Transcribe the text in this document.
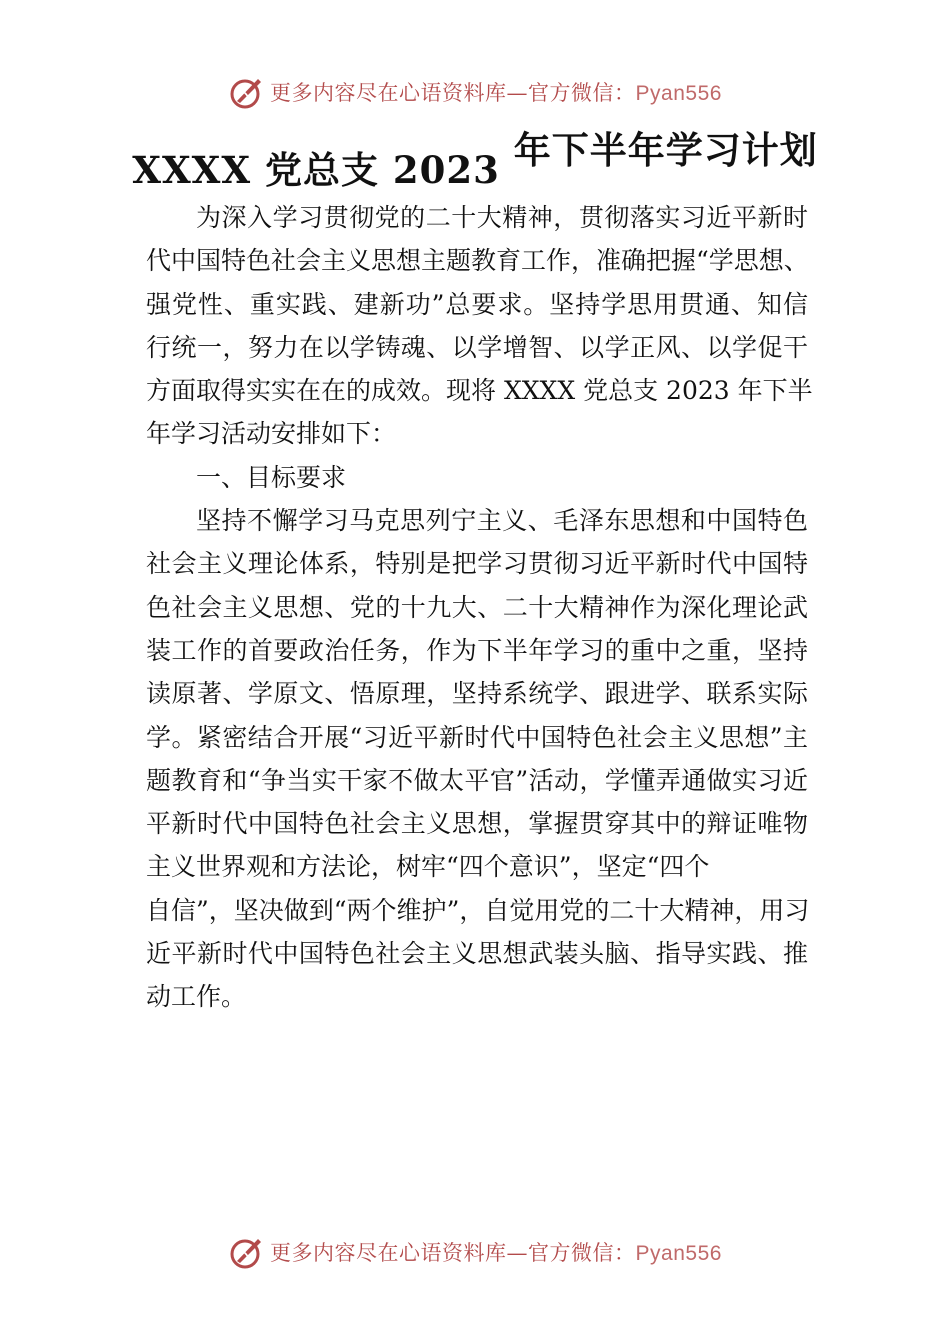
更多内容尽在心语资料库—官方微信：Pyan556
XXXX 党总支 2023 年下半年学习计划
为深入学习贯彻党的二十大精神，贯彻落实习近平新时
代中国特色社会主义思想主题教育工作，准确把握“学思想、
强党性、重实践、建新功”总要求。坚持学思用贯通、知信
行统一，努力在以学铸魂、以学增智、以学正风、以学促干
方面取得实实在在的成效。现将 XXXX 党总支 2023 年下半
年学习活动安排如下：
一、目标要求
坚持不懈学习马克思列宁主义、毛泽东思想和中国特色
社会主义理论体系，特别是把学习贯彻习近平新时代中国特
色社会主义思想、党的十九大、二十大精神作为深化理论武
装工作的首要政治任务，作为下半年学习的重中之重，坚持
读原著、学原文、悟原理，坚持系统学、跟进学、联系实际
学。紧密结合开展“习近平新时代中国特色社会主义思想”主
题教育和“争当实干家不做太平官”活动，学懂弄通做实习近
平新时代中国特色社会主义思想，掌握贯穿其中的辩证唯物
主义世界观和方法论，树牢“四个意识”，坚定“四个
自信”，坚决做到“两个维护”，自觉用党的二十大精神，用习
近平新时代中国特色社会主义思想武装头脑、指导实践、推
动工作。
更多内容尽在心语资料库—官方微信：Pyan556
